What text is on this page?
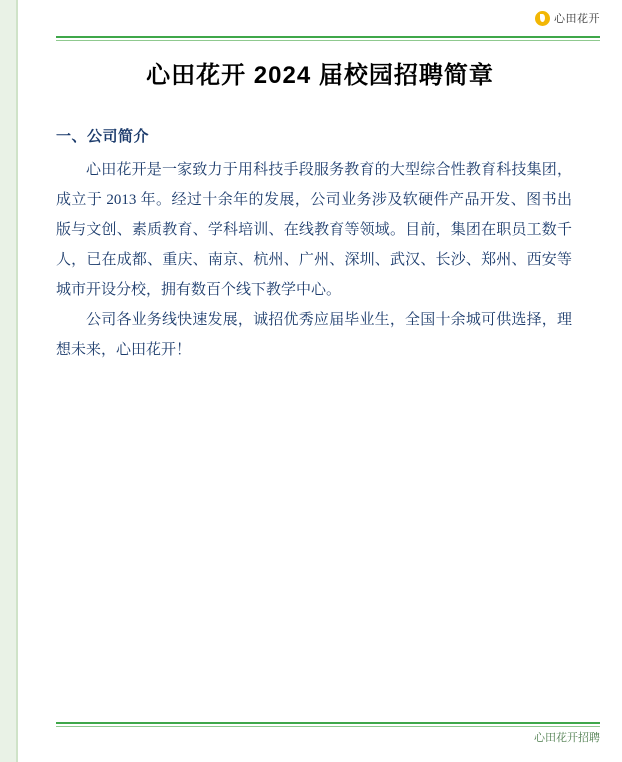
心田花开
心田花开 2024 届校园招聘简章
一、公司简介

心田花开是一家致力于用科技手段服务教育的大型综合性教育科技集团，成立于 2013 年。经过十余年的发展，公司业务涉及软硬件产品开发、图书出版与文创、素质教育、学科培训、在线教育等领域。目前，集团在职员工数千人，已在成都、重庆、南京、杭州、广州、深圳、武汉、长沙、郑州、西安等城市开设分校，拥有数百个线下教学中心。

公司各业务线快速发展，诚招优秀应届毕业生，全国十余城可供选择，理想未来，心田花开！

心田花开招聘
